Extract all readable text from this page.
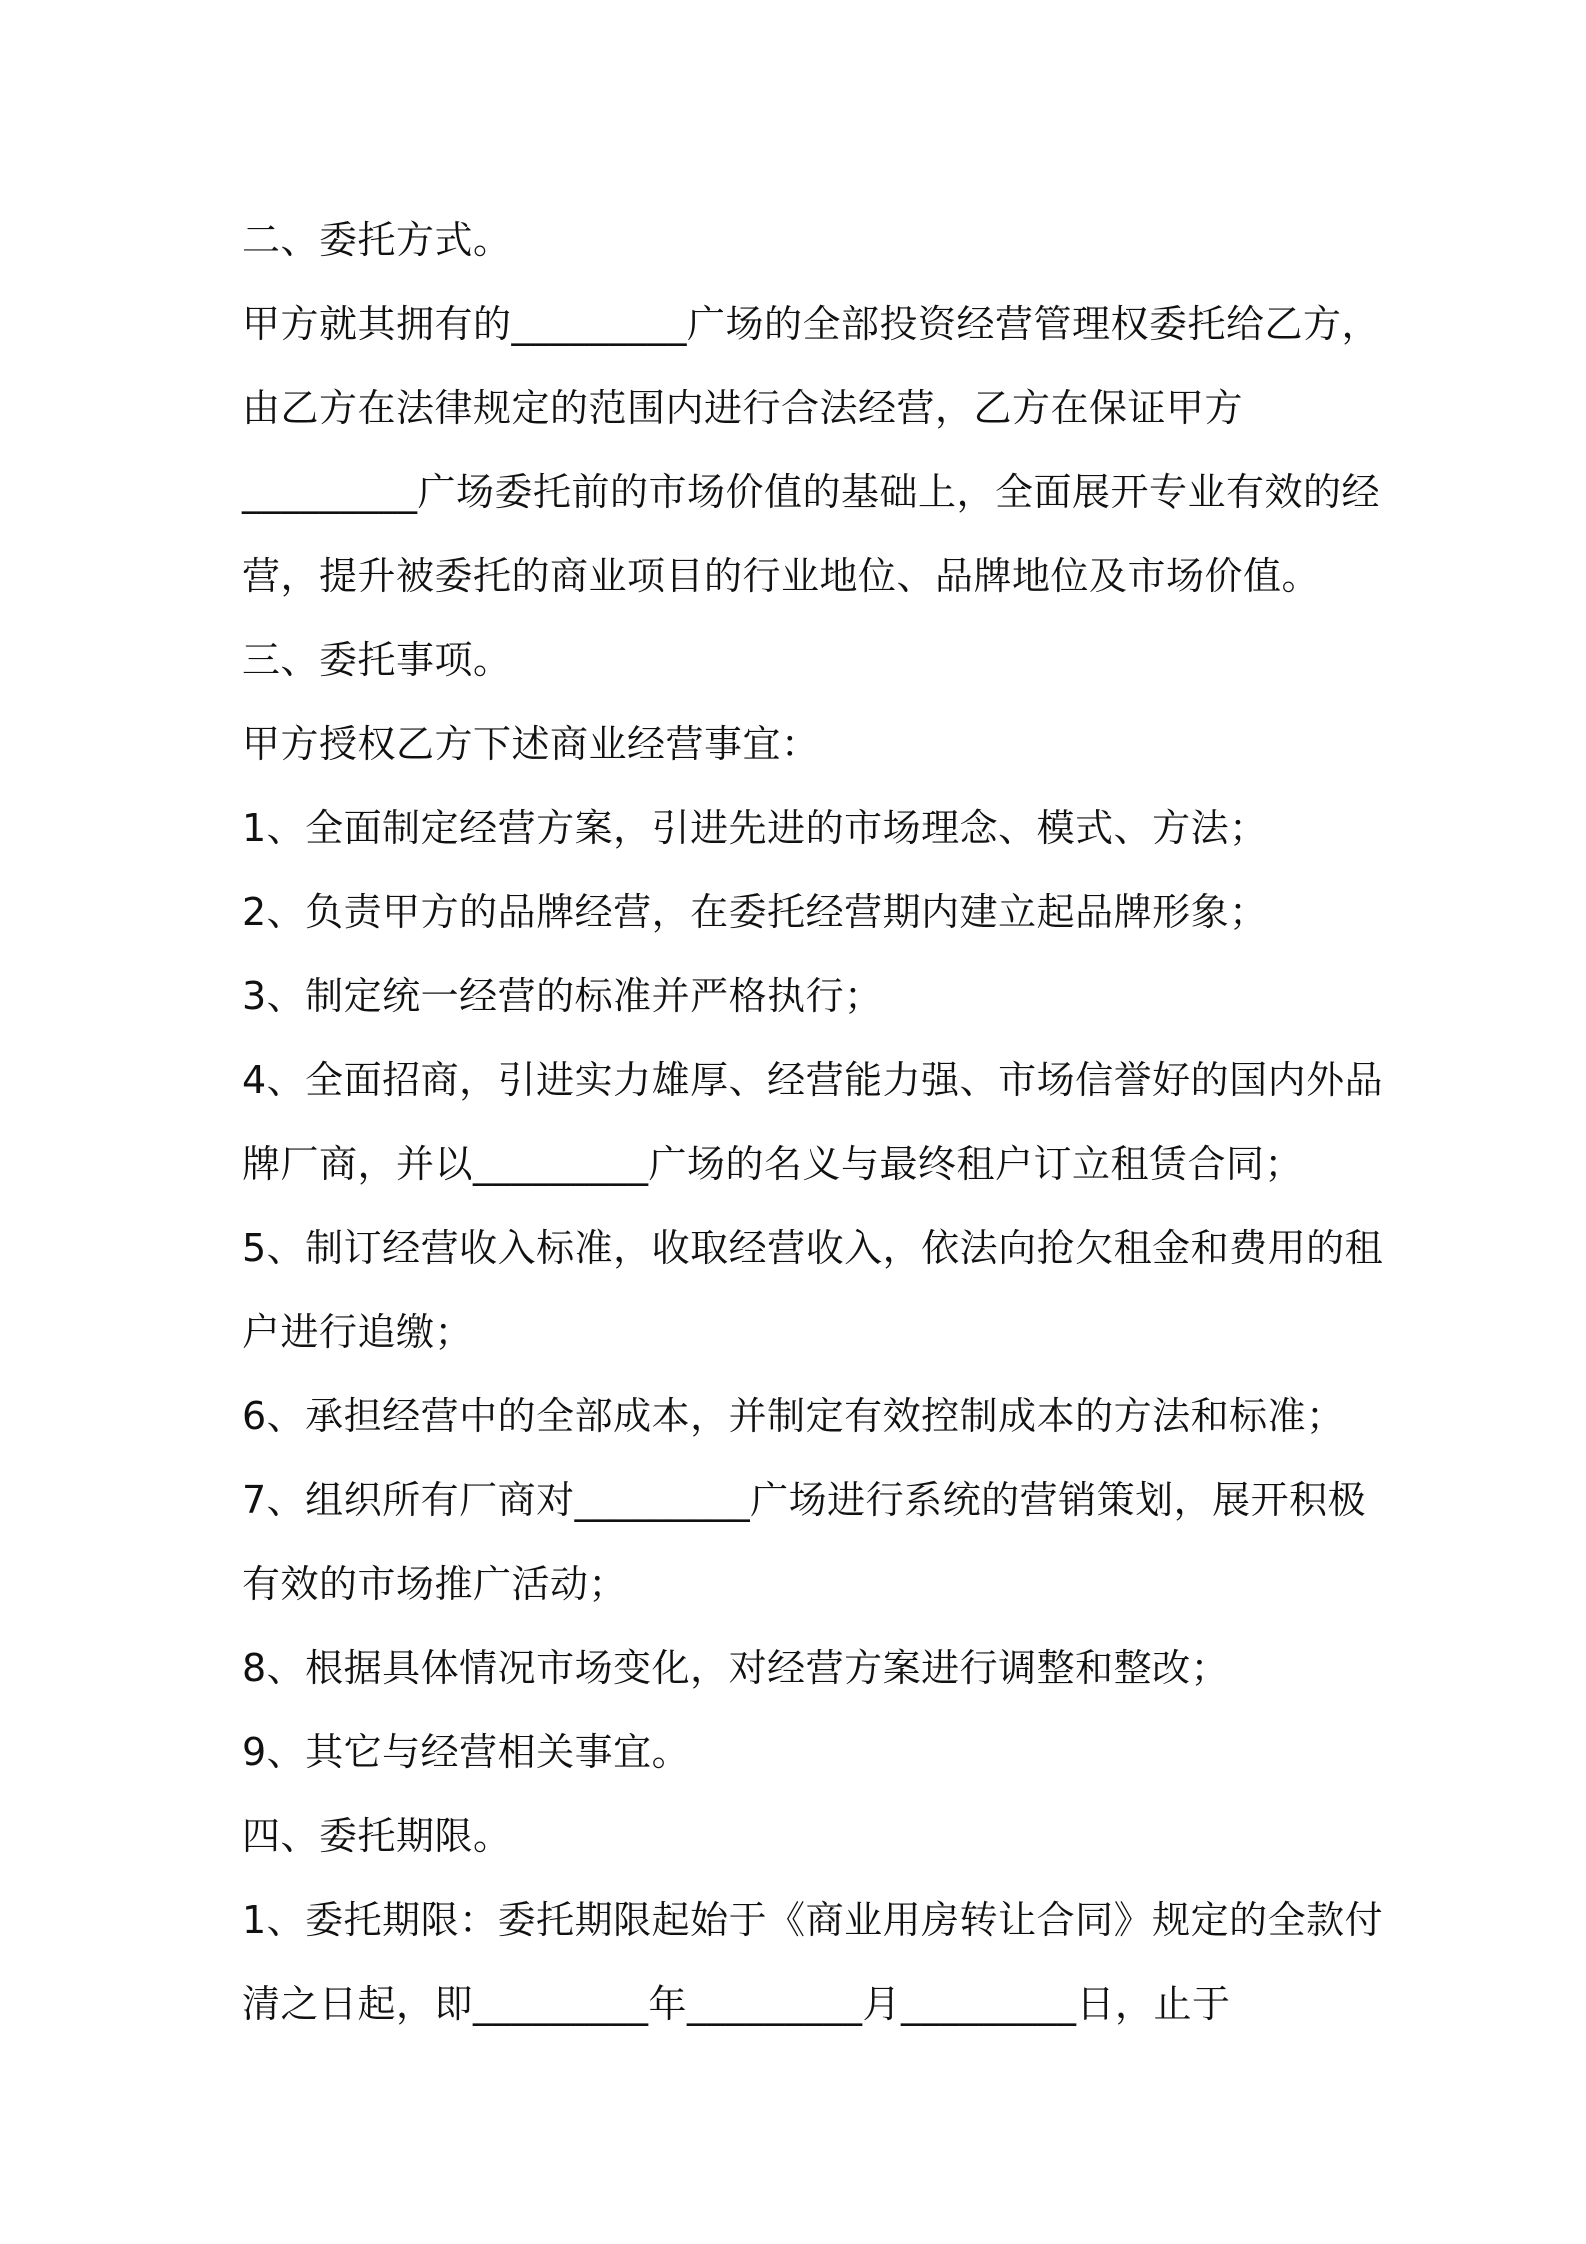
二、委托方式。
甲方就其拥有的_________广场的全部投资经营管理权委托给乙方，
由乙方在法律规定的范围内进行合法经营，乙方在保证甲方
_________广场委托前的市场价值的基础上，全面展开专业有效的经
营，提升被委托的商业项目的行业地位、品牌地位及市场价值。
三、委托事项。
甲方授权乙方下述商业经营事宜：
1、全面制定经营方案，引进先进的市场理念、模式、方法；
2、负责甲方的品牌经营，在委托经营期内建立起品牌形象；
3、制定统一经营的标准并严格执行；
4、全面招商，引进实力雄厚、经营能力强、市场信誉好的国内外品
牌厂商，并以_________广场的名义与最终租户订立租赁合同；
5、制订经营收入标准，收取经营收入，依法向抢欠租金和费用的租
户进行追缴；
6、承担经营中的全部成本，并制定有效控制成本的方法和标准；
7、组织所有厂商对_________广场进行系统的营销策划，展开积极
有效的市场推广活动；
8、根据具体情况市场变化，对经营方案进行调整和整改；
9、其它与经营相关事宜。
四、委托期限。
1、委托期限：委托期限起始于《商业用房转让合同》规定的全款付
清之日起，即_________年_________月_________日，止于
